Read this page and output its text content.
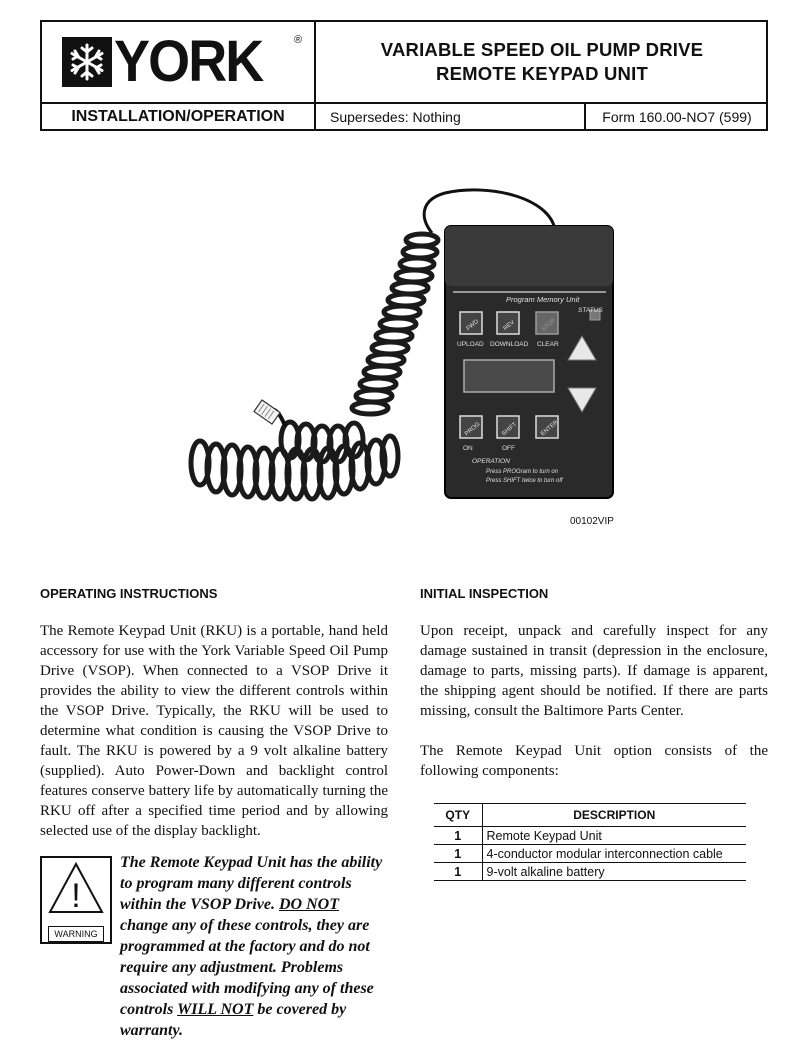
YORK	®	VARIABLE SPEED OIL PUMP DRIVE
REMOTE KEYPAD UNIT
INSTALLATION/OPERATION	Supersedes: Nothing	Form 160.00-NO7 (599)
Program Memory Unit
STATUS
FWD	REV	STOP
UPLOAD DOWNLOAD CLEAR
PROG	SHIFT	ENTER
ON	OFF
OPERATION
Press PROGram to turn on
Press SHIFT twice to turn off
00102VIP
OPERATING INSTRUCTIONS

The Remote Keypad Unit (RKU) is a portable, hand held accessory for use with the York Variable Speed Oil Pump Drive (VSOP). When connected to a VSOP Drive it provides the ability to view the different controls within the VSOP Drive. Typically, the RKU will be used to determine what condition is causing the VSOP Drive to fault. The RKU is powered by a 9 volt alkaline battery (supplied). Auto Power-Down and backlight control features conserve battery life by automatically turning the RKU off after a specified time period and by allowing selected use of the display backlight.

!
WARNING

The Remote Keypad Unit has the ability to program many different controls within the VSOP Drive. DO NOT change any of these controls, they are programmed at the factory and do not require any adjustment. Problems associated with modifying any of these controls WILL NOT be covered by warranty.

INITIAL INSPECTION

Upon receipt, unpack and carefully inspect for any damage sustained in transit (depression in the enclosure, damage to parts, missing parts). If damage is apparent, the shipping agent should be notified. If there are parts missing, consult the Baltimore Parts Center.

The Remote Keypad Unit option consists of the following components:

QTY	DESCRIPTION
1	Remote Keypad Unit
1	4-conductor modular interconnection cable
1	9-volt alkaline battery
